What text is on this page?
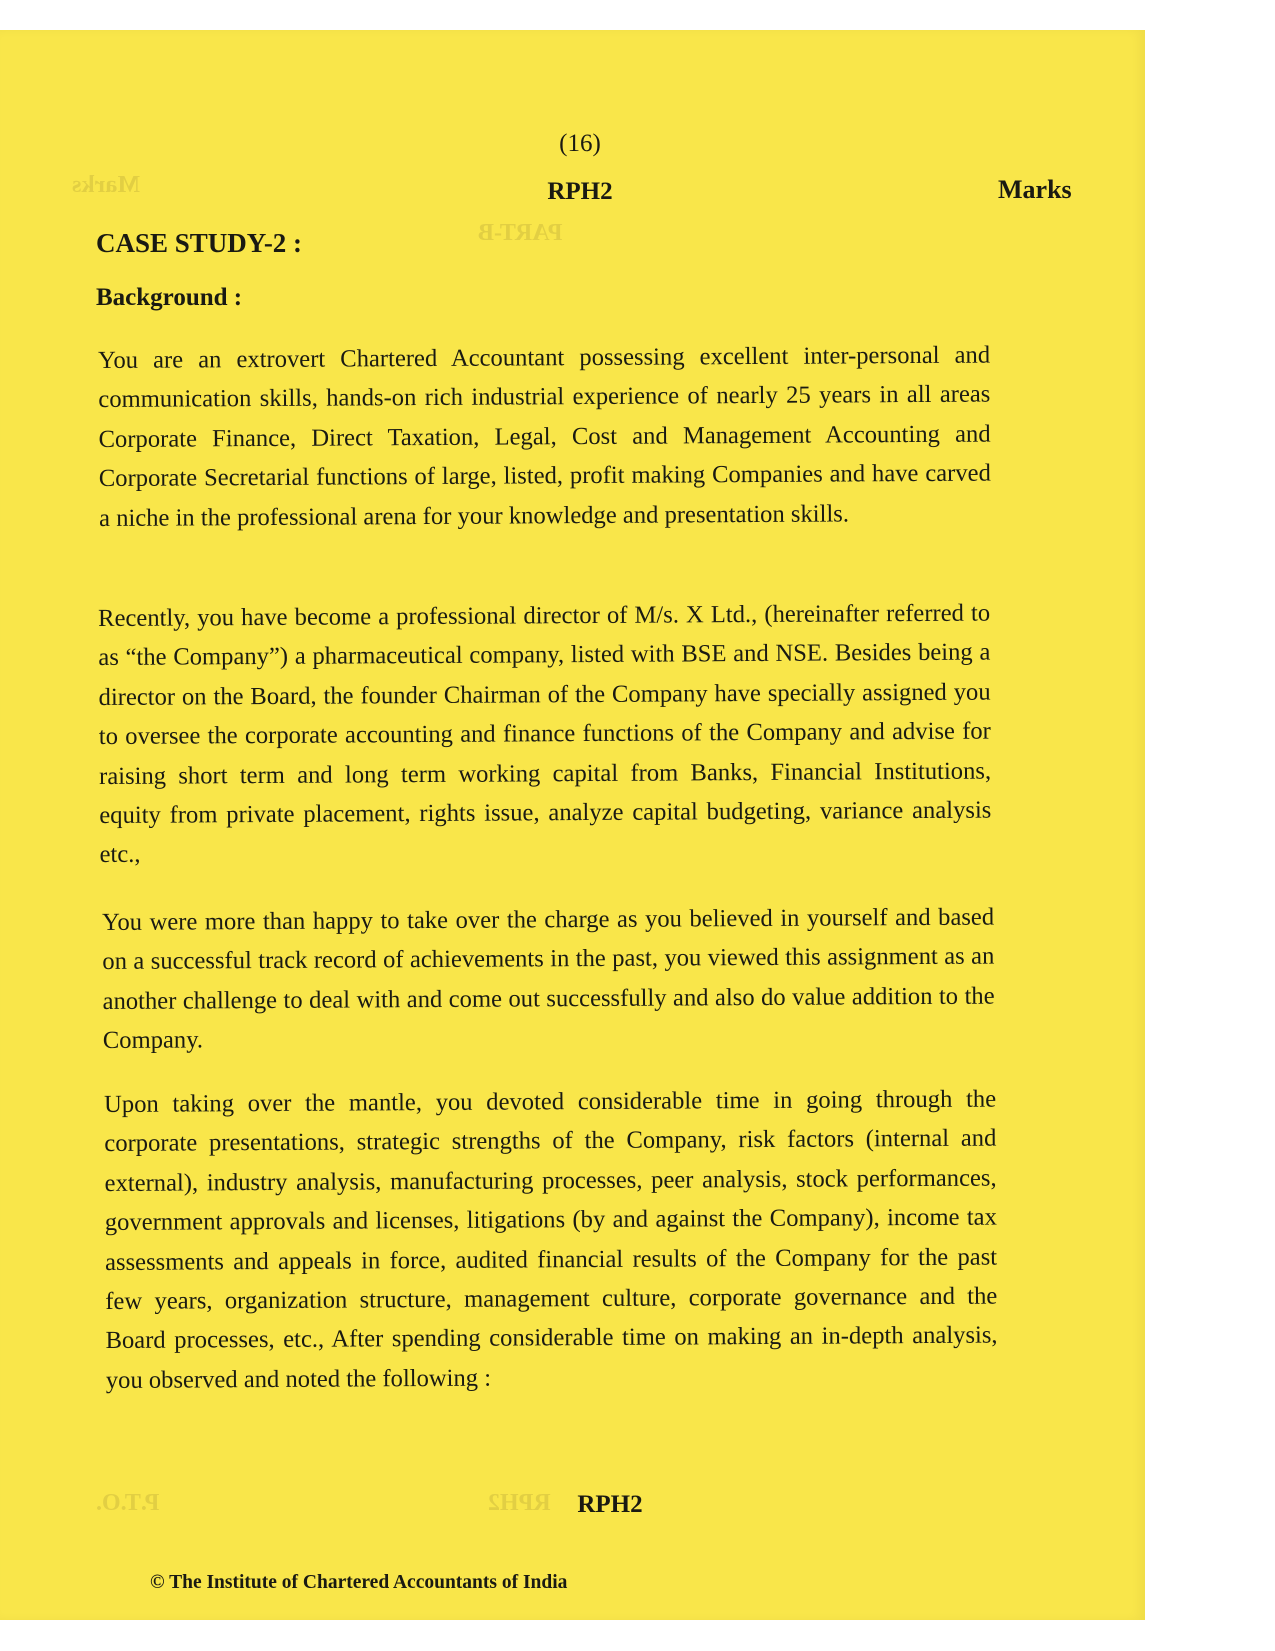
Marks
PART-B
P.T.O.	RPH2
(16)
RPH2	Marks
CASE STUDY-2 :
Background :
You are an extrovert Chartered Accountant possessing excellent inter-personal and communication skills, hands-on rich industrial experience of nearly 25 years in all areas Corporate Finance, Direct Taxation, Legal, Cost and Management Accounting and Corporate Secretarial functions of large, listed, profit making Companies and have carved a niche in the professional arena for your knowledge and presentation skills.
Recently, you have become a professional director of M/s. X Ltd., (hereinafter referred to as “the Company”) a pharmaceutical company, listed with BSE and NSE. Besides being a director on the Board, the founder Chairman of the Company have specially assigned you to oversee the corporate accounting and finance functions of the Company and advise for raising short term and long term working capital from Banks, Financial Institutions, equity from private placement, rights issue, analyze capital budgeting, variance analysis etc.,
You were more than happy to take over the charge as you believed in yourself and based on a successful track record of achievements in the past, you viewed this assignment as an another challenge to deal with and come out successfully and also do value addition to the Company.
Upon taking over the mantle, you devoted considerable time in going through the corporate presentations, strategic strengths of the Company, risk factors (internal and external), industry analysis, manufacturing processes, peer analysis, stock performances, government approvals and licenses, litigations (by and against the Company), income tax assessments and appeals in force, audited financial results of the Company for the past few years, organization structure, management culture, corporate governance and the Board processes, etc., After spending considerable time on making an in-depth analysis, you observed and noted the following :
RPH2
© The Institute of Chartered Accountants of India
